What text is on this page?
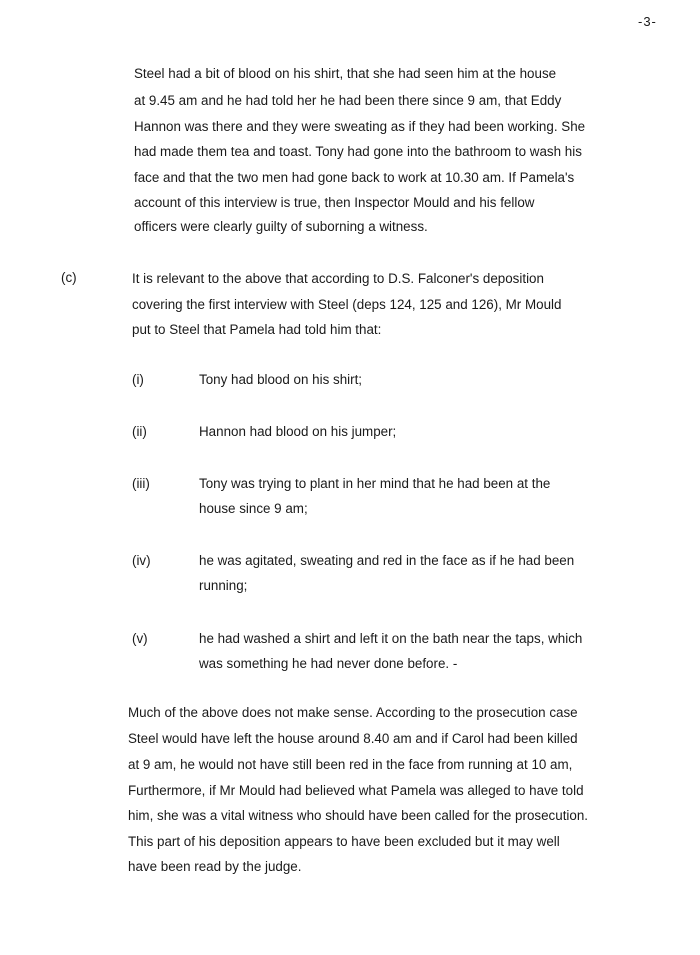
-3-
Steel had a bit of blood on his shirt, that she had seen him at the house
at 9.45 am and he had told her he had been there since 9 am, that Eddy
Hannon was there and they were sweating as if they had been working. She
had made them tea and toast. Tony had gone into the bathroom to wash his
face and that the two men had gone back to work at 10.30 am. If Pamela's
account of this interview is true, then Inspector Mould and his fellow
officers were clearly guilty of suborning a witness.
(c)	It is relevant to the above that according to D.S. Falconer's deposition
covering the first interview with Steel (deps 124, 125 and 126), Mr Mould
put to Steel that Pamela had told him that:
(i)	Tony had blood on his shirt;
(ii)	Hannon had blood on his jumper;
(iii)	Tony was trying to plant in her mind that he had been at the
house since 9 am;
(iv)	he was agitated, sweating and red in the face as if he had been
running;
(v)	he had washed a shirt and left it on the bath near the taps, which
was something he had never done before. -
Much of the above does not make sense. According to the prosecution case
Steel would have left the house around 8.40 am and if Carol had been killed
at 9 am, he would not have still been red in the face from running at 10 am,
Furthermore, if Mr Mould had believed what Pamela was alleged to have told
him, she was a vital witness who should have been called for the prosecution.
This part of his deposition appears to have been excluded but it may well
have been read by the judge.
